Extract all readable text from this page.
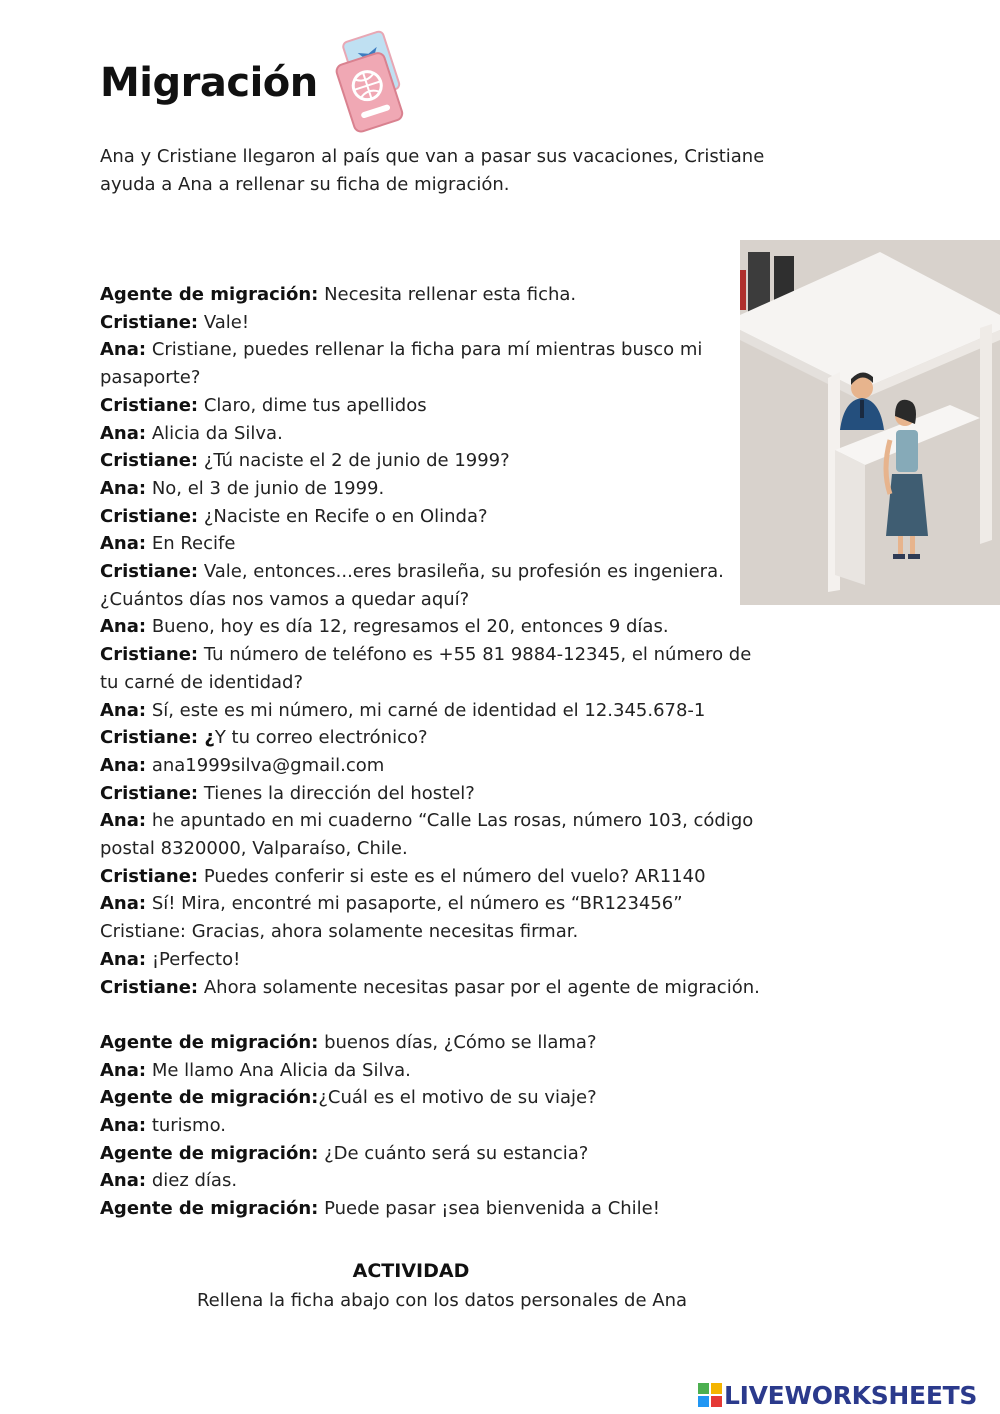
Migración

Ana y Cristiane llegaron al país que van a pasar sus vacaciones, Cristiane ayuda a Ana a rellenar su ficha de migración.

Agente de migración: Necesita rellenar esta ficha.
Cristiane: Vale!
Ana: Cristiane, puedes rellenar la ficha para mí mientras busco mi pasaporte?
Cristiane: Claro, dime tus apellidos
Ana: Alicia da Silva.
Cristiane: ¿Tú naciste el 2 de junio de 1999?
Ana: No, el 3 de junio de 1999.
Cristiane: ¿Naciste en Recife o en Olinda?
Ana: En Recife
Cristiane: Vale, entonces...eres brasileña, su profesión es ingeniera.
¿Cuántos días nos vamos a quedar aquí?
Ana: Bueno, hoy es día 12, regresamos el 20, entonces 9 días.
Cristiane: Tu número de teléfono es +55 81 9884-12345, el número de tu carné de identidad?
Ana: Sí, este es mi número, mi carné de identidad el 12.345.678-1
Cristiane: ¿Y tu correo electrónico?
Ana: ana1999silva@gmail.com
Cristiane: Tienes la dirección del hostel?
Ana: he apuntado en mi cuaderno “Calle Las rosas, número 103, código postal 8320000, Valparaíso, Chile.
Cristiane: Puedes conferir si este es el número del vuelo? AR1140
Ana: Sí! Mira, encontré mi pasaporte, el número es “BR123456”
Cristiane: Gracias, ahora solamente necesitas firmar.
Ana: ¡Perfecto!
Cristiane: Ahora solamente necesitas pasar por el agente de migración.
Agente de migración: buenos días, ¿Cómo se llama?
Ana: Me llamo Ana Alicia da Silva.
Agente de migración:¿Cuál es el motivo de su viaje?
Ana: turismo.
Agente de migración: ¿De cuánto será su estancia?
Ana: diez días.
Agente de migración: Puede pasar ¡sea bienvenida a Chile!
ACTIVIDAD
Rellena la ficha abajo con los datos personales de Ana
LIVEWORKSHEETS
